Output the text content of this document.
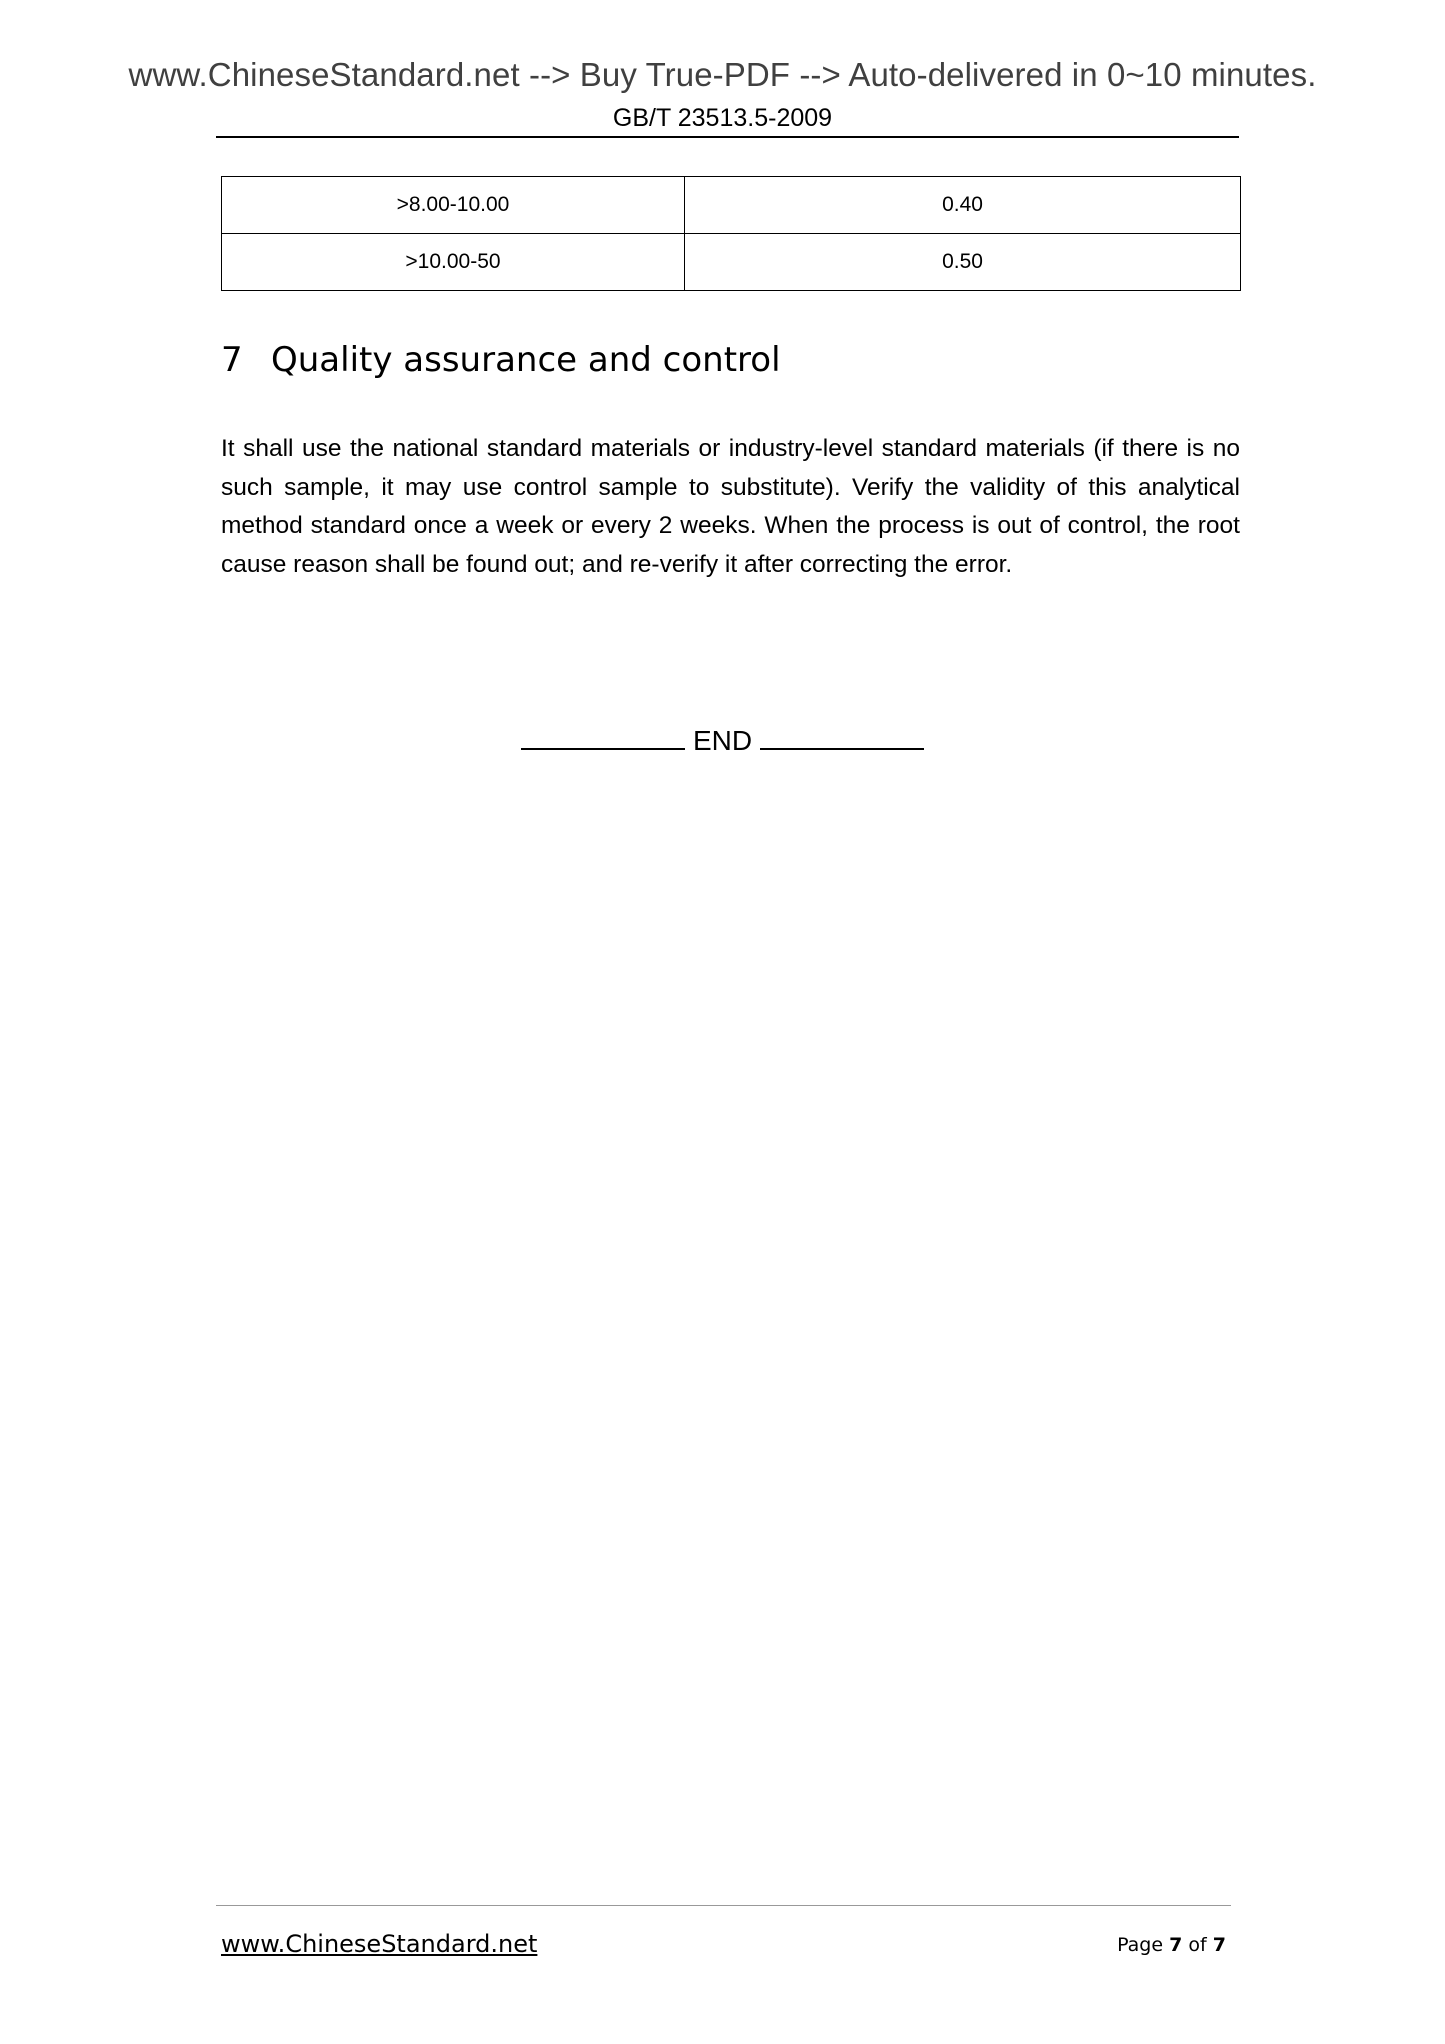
www.ChineseStandard.net --> Buy True-PDF --> Auto-delivered in 0~10 minutes.
GB/T 23513.5-2009
>8.00-10.00	0.40
>10.00-50	0.50
7 Quality assurance and control
It shall use the national standard materials or industry-level standard materials (if there is no such sample, it may use control sample to substitute). Verify the validity of this analytical method standard once a week or every 2 weeks. When the process is out of control, the root cause reason shall be found out; and re-verify it after correcting the error.
END
www.ChineseStandard.net	Page 7 of 7
